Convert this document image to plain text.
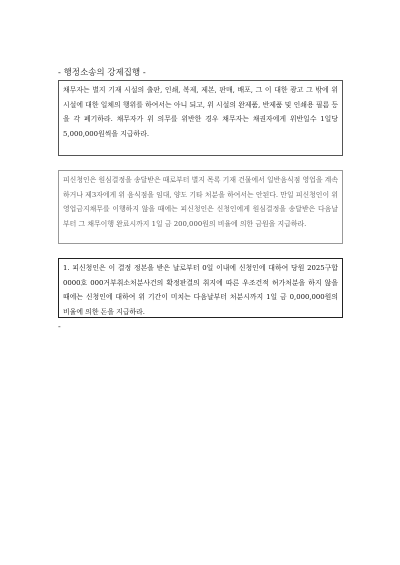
- 행정소송의 강제집행 -

채무자는 별지 기재 시설의 출판, 인쇄, 복제, 제본, 판매, 배포, 그 이 대한 광고 그 밖에 위 시설에 대한 일체의 행위를 하여서는 아니 되고, 위 시설의 완제품, 반제품 및 인쇄용 필름 등을 각 폐기하라. 채무자가 위 의무를 위반한 경우 채무자는 채권자에게 위반일수 1일당 5,000,000원씩을 지급하라.

피신청인은 원심결정을 송달받은 때로부터 별지 목록 기재 건물에서 일반음식점 영업을 계속하거나 제3자에게 위 음식점을 임대, 양도 기타 처분을 하여서는 안된다. 만일 피신청인이 위 영업금지채무를 이행하지 않을 때에는 피신청인은 신청인에게 원심결정을 송달받은 다음날부터 그 채무이행 완료시까지 1일 금 200,000원의 비율에 의한 금원을 지급하라.

1. 피신청인은 이 결정 정본을 받은 날로부터 0일 이내에 신청인에 대하여 당원 2025구합0000호 000거부취소처분사건의 확정판결의 취지에 따른 우조건적 허가처분을 하지 않을 때에는 신청인에 대하여 위 기간이 미치는 다음날부터 처분시까지 1일 금 0,000,000원의 비율에 의한 돈을 지급하라.

-
